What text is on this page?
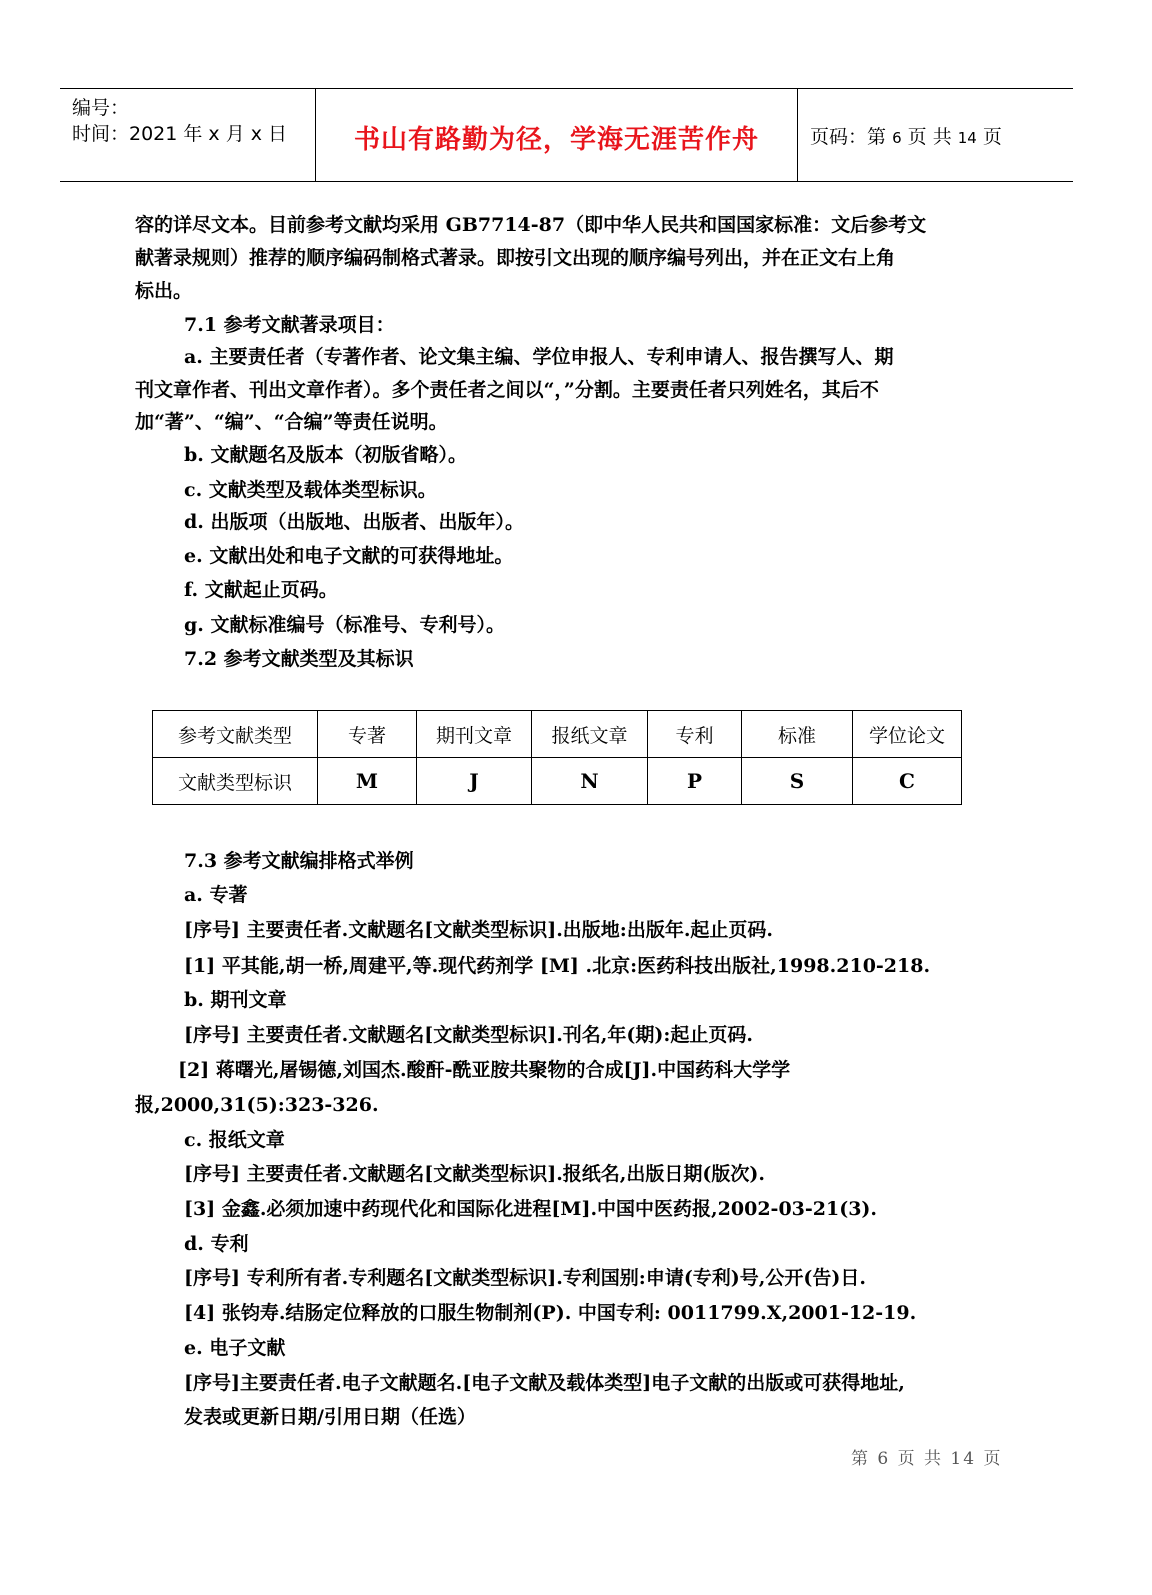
编号：
时间：2021 年 x 月 x 日	书山有路勤为径，学海无涯苦作舟	页码：第 6 页 共 14 页
容的详尽文本。目前参考文献均采用 GB7714-87（即中华人民共和国国家标准：文后参考文
献著录规则）推荐的顺序编码制格式著录。即按引文出现的顺序编号列出，并在正文右上角
标出。
7.1 参考文献著录项目：
a. 主要责任者（专著作者、论文集主编、学位申报人、专利申请人、报告撰写人、期
刊文章作者、刊出文章作者）。多个责任者之间以“，”分割。主要责任者只列姓名，其后不
加“著”、“编”、“合编”等责任说明。
b. 文献题名及版本（初版省略）。
c. 文献类型及载体类型标识。
d. 出版项（出版地、出版者、出版年）。
e. 文献出处和电子文献的可获得地址。
f. 文献起止页码。
g. 文献标准编号（标准号、专利号）。
7.2 参考文献类型及其标识
参考文献类型	专著	期刊文章	报纸文章	专利	标准	学位论文
文献类型标识	M	J	N	P	S	C
7.3 参考文献编排格式举例
a. 专著
[序号] 主要责任者.文献题名[文献类型标识].出版地:出版年.起止页码.
[1] 平其能,胡一桥,周建平,等.现代药剂学 [M] .北京:医药科技出版社,1998.210-218.
b. 期刊文章
[序号] 主要责任者.文献题名[文献类型标识].刊名,年(期):起止页码.
[2] 蒋曙光,屠锡德,刘国杰.酸酐-酰亚胺共聚物的合成[J].中国药科大学学
报,2000,31(5):323-326.
c. 报纸文章
[序号] 主要责任者.文献题名[文献类型标识].报纸名,出版日期(版次).
[3] 金鑫.必须加速中药现代化和国际化进程[M].中国中医药报,2002-03-21(3).
d. 专利
[序号] 专利所有者.专利题名[文献类型标识].专利国别:申请(专利)号,公开(告)日.
[4] 张钧寿.结肠定位释放的口服生物制剂(P). 中国专利: 0011799.X,2001-12-19.
e. 电子文献
[序号]主要责任者.电子文献题名.[电子文献及载体类型]电子文献的出版或可获得地址,
发表或更新日期/引用日期（任选）
第 6 页 共 14 页
